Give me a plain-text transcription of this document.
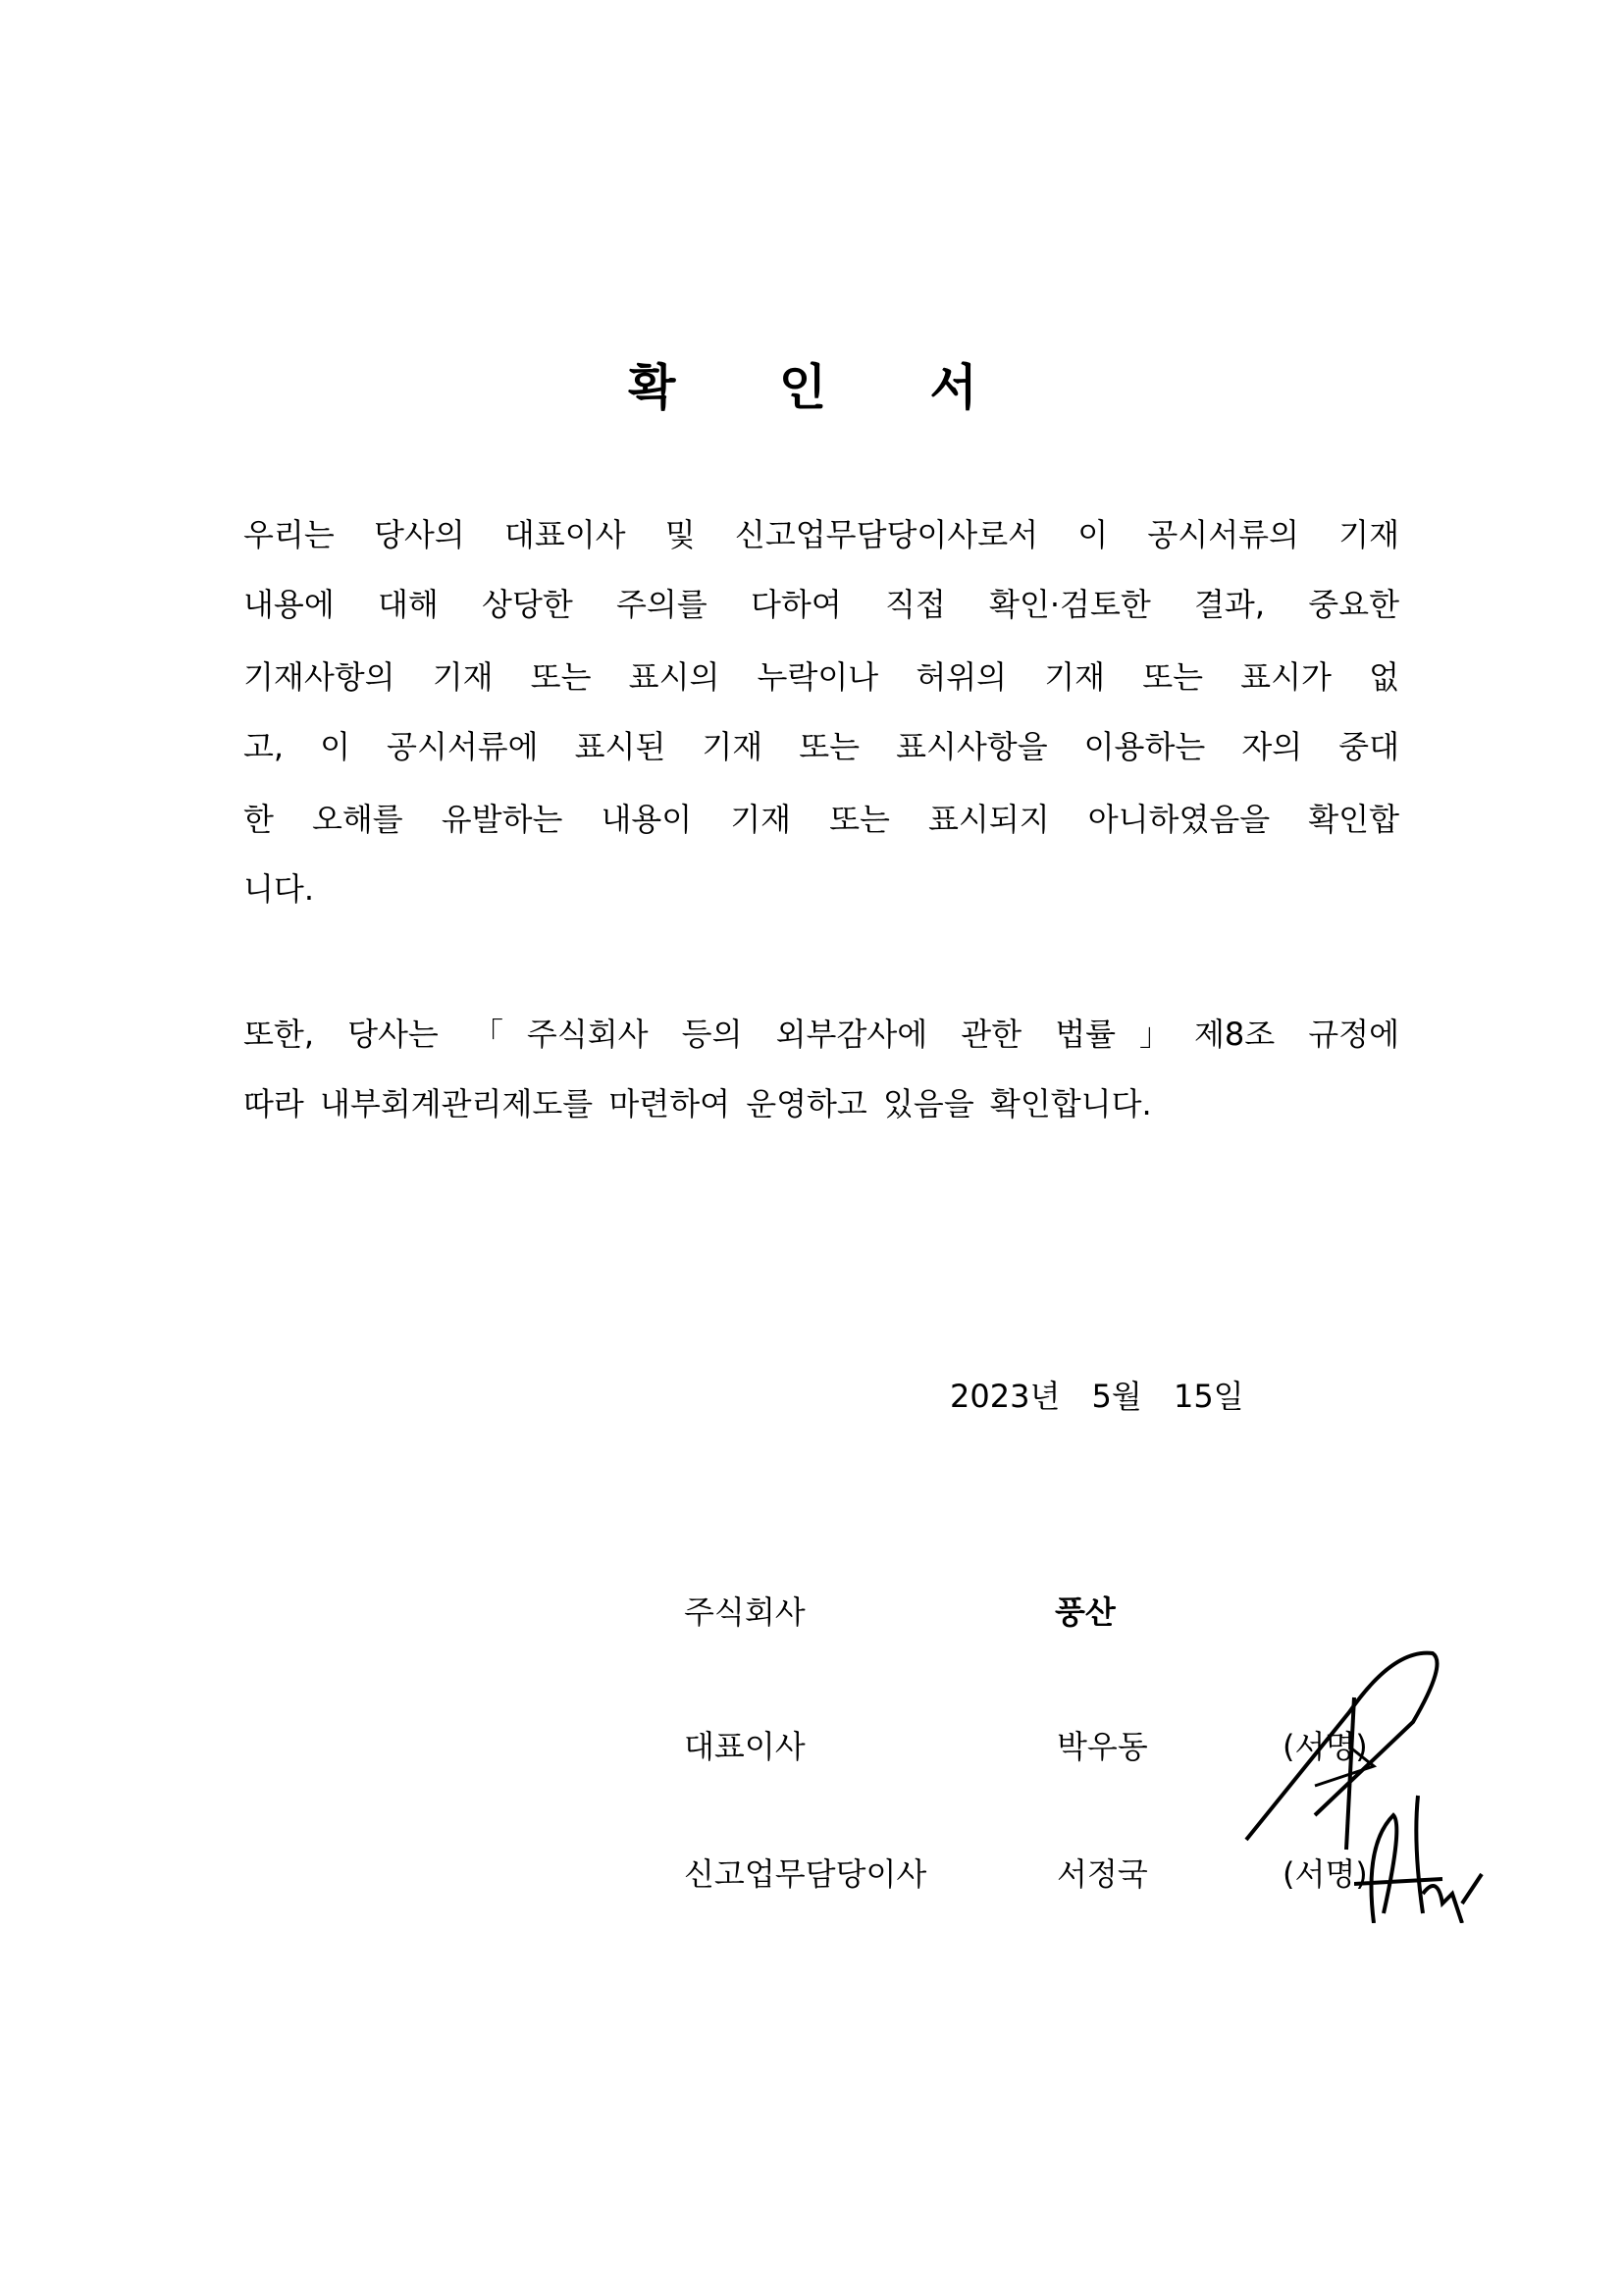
확 인 서
우리는 당사의 대표이사 및 신고업무담당이사로서 이 공시서류의 기재
내용에 대해 상당한 주의를 다하여 직접 확인·검토한 결과, 중요한
기재사항의 기재 또는 표시의 누락이나 허위의 기재 또는 표시가 없
고, 이 공시서류에 표시된 기재 또는 표시사항을 이용하는 자의 중대
한 오해를 유발하는 내용이 기재 또는 표시되지 아니하였음을 확인합
니다.
또한, 당사는 「주식회사 등의 외부감사에 관한 법률」제8조 규정에
따라 내부회계관리제도를 마련하여 운영하고 있음을 확인합니다.
2023년 5월 15일
주식회사	풍산
대표이사	박우동	(서명)
신고업무담당이사	서정국	(서명)
